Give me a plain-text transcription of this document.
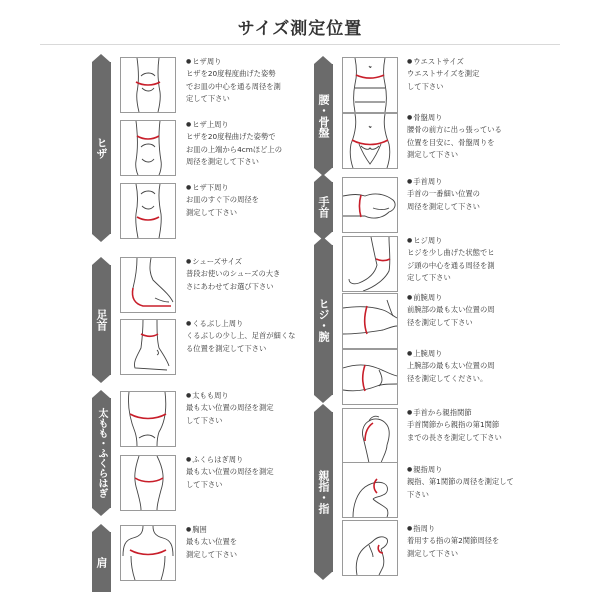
サイズ測定位置
ヒザ
足首
太もも・ふくらはぎ
肩
腰・骨盤
手首
ヒジ・腕
親指・指
● ヒザ周り
ヒザを20度程度曲げた姿勢
でお皿の中心を通る周径を測
定して下さい
● ヒザ上周り
ヒザを20度程曲げた姿勢で
お皿の上端から4cmほど上の
周径を測定して下さい
● ヒザ下周り
お皿のすぐ下の周径を
測定して下さい
● シューズサイズ
普段お使いのシューズの大き
さにあわせてお選び下さい
● くるぶし上周り
くるぶしの少し上、足首が細くな
る位置を測定して下さい
● 太もも周り
最も太い位置の周径を測定
して下さい
● ふくらはぎ周り
最も太い位置の周径を測定
して下さい
● 胸囲
最も太い位置を
測定して下さい
● ウエストサイズ
ウエストサイズを測定
して下さい
● 骨盤周り
腰骨の前方に出っ張っている
位置を目安に、骨盤周りを
測定して下さい
● 手首周り
手首の一番細い位置の
周径を測定して下さい
● ヒジ周り
ヒジを少し曲げた状態でヒ
ジ頭の中心を通る周径を測
定して下さい
● 前腕周り
前腕部の最も太い位置の周
径を測定して下さい
● 上腕周り
上腕部の最も太い位置の周
径を測定してください。
● 手首から親指関節
手首関節から親指の第1関節
までの長さを測定して下さい
● 親指周り
親指、第1関節の周径を測定して
下さい
● 指周り
着用する指の第2関節周径を
測定して下さい
